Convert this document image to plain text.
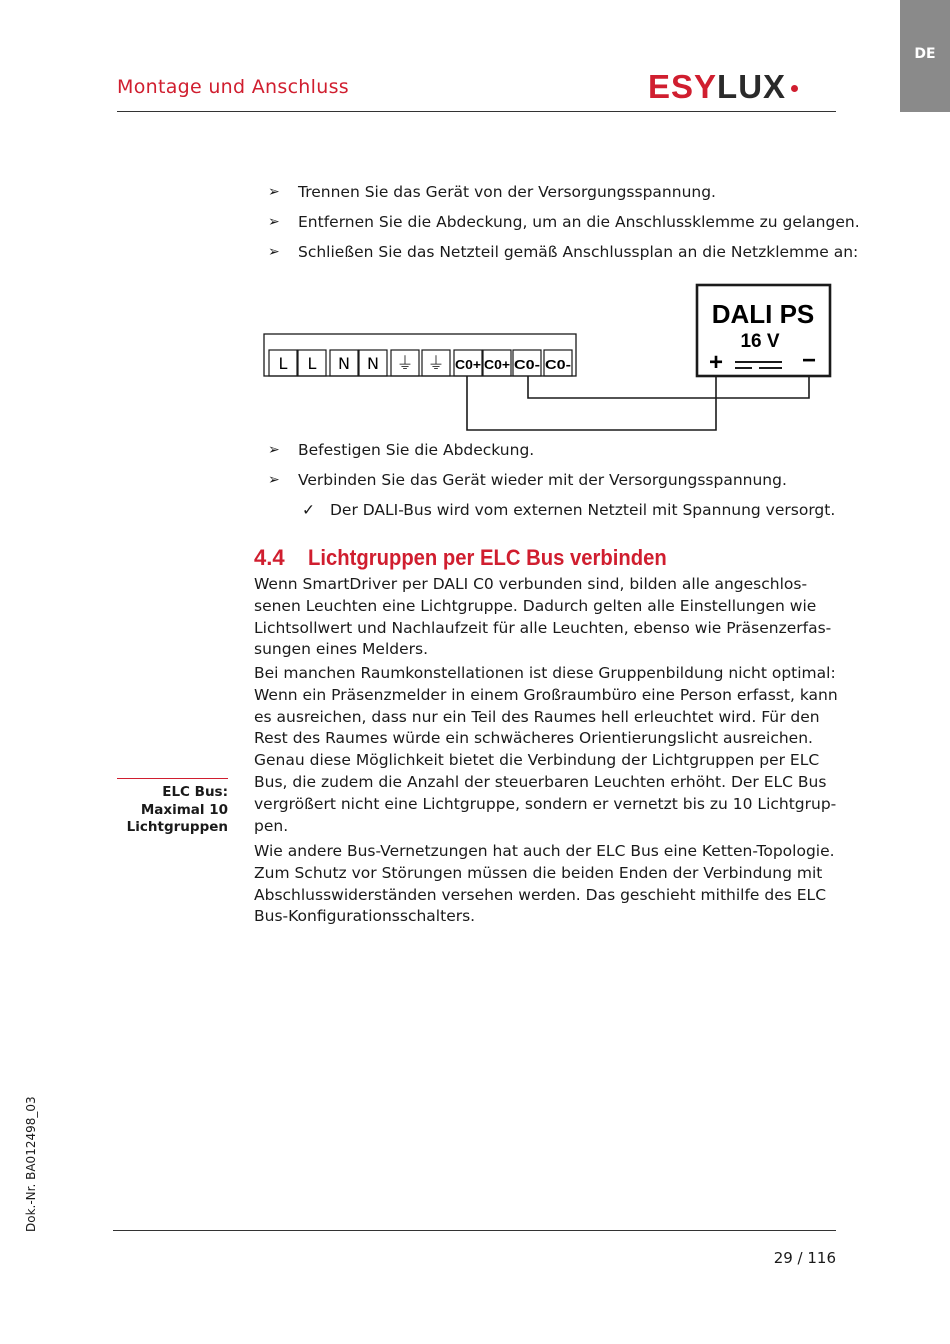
DE
Montage und Anschluss	ESY LUX
➢	Trennen Sie das Gerät von der Versorgungsspannung.
➢	Entfernen Sie die Abdeckung, um an die Anschlussklemme zu gelangen.
➢	Schließen Sie das Netzteil gemäß Anschlussplan an die Netzklemme an:
L L N N ⏚ ⏚ C0+ C0+ C0- C0-
DALI PS
16 V
+	−
➢	Befestigen Sie die Abdeckung.
➢	Verbinden Sie das Gerät wieder mit der Versorgungsspannung.
✓ Der DALI-Bus wird vom externen Netzteil mit Spannung versorgt.
4.4 Lichtgruppen per ELC Bus verbinden
Wenn SmartDriver per DALI C0 verbunden sind, bilden alle angeschlos-
senen Leuchten eine Lichtgruppe. Dadurch gelten alle Einstellungen wie
Lichtsollwert und Nachlaufzeit für alle Leuchten, ebenso wie Präsenzerfas-
sungen eines Melders.
Bei manchen Raumkonstellationen ist diese Gruppenbildung nicht optimal:
Wenn ein Präsenzmelder in einem Großraumbüro eine Person erfasst, kann
es ausreichen, dass nur ein Teil des Raumes hell erleuchtet wird. Für den
Rest des Raumes würde ein schwächeres Orientierungslicht ausreichen.
Genau diese Möglichkeit bietet die Verbindung der Lichtgruppen per ELC
Bus, die zudem die Anzahl der steuerbaren Leuchten erhöht. Der ELC Bus
vergrößert nicht eine Lichtgruppe, sondern er vernetzt bis zu 10 Lichtgrup-
pen.
Wie andere Bus-Vernetzungen hat auch der ELC Bus eine Ketten-Topologie.
Zum Schutz vor Störungen müssen die beiden Enden der Verbindung mit
Abschlusswiderständen versehen werden. Das geschieht mithilfe des ELC
Bus-Konfigurationsschalters.
ELC Bus:
Maximal 10
Lichtgruppen
Dok.-Nr. BA012498_03
29 / 116
